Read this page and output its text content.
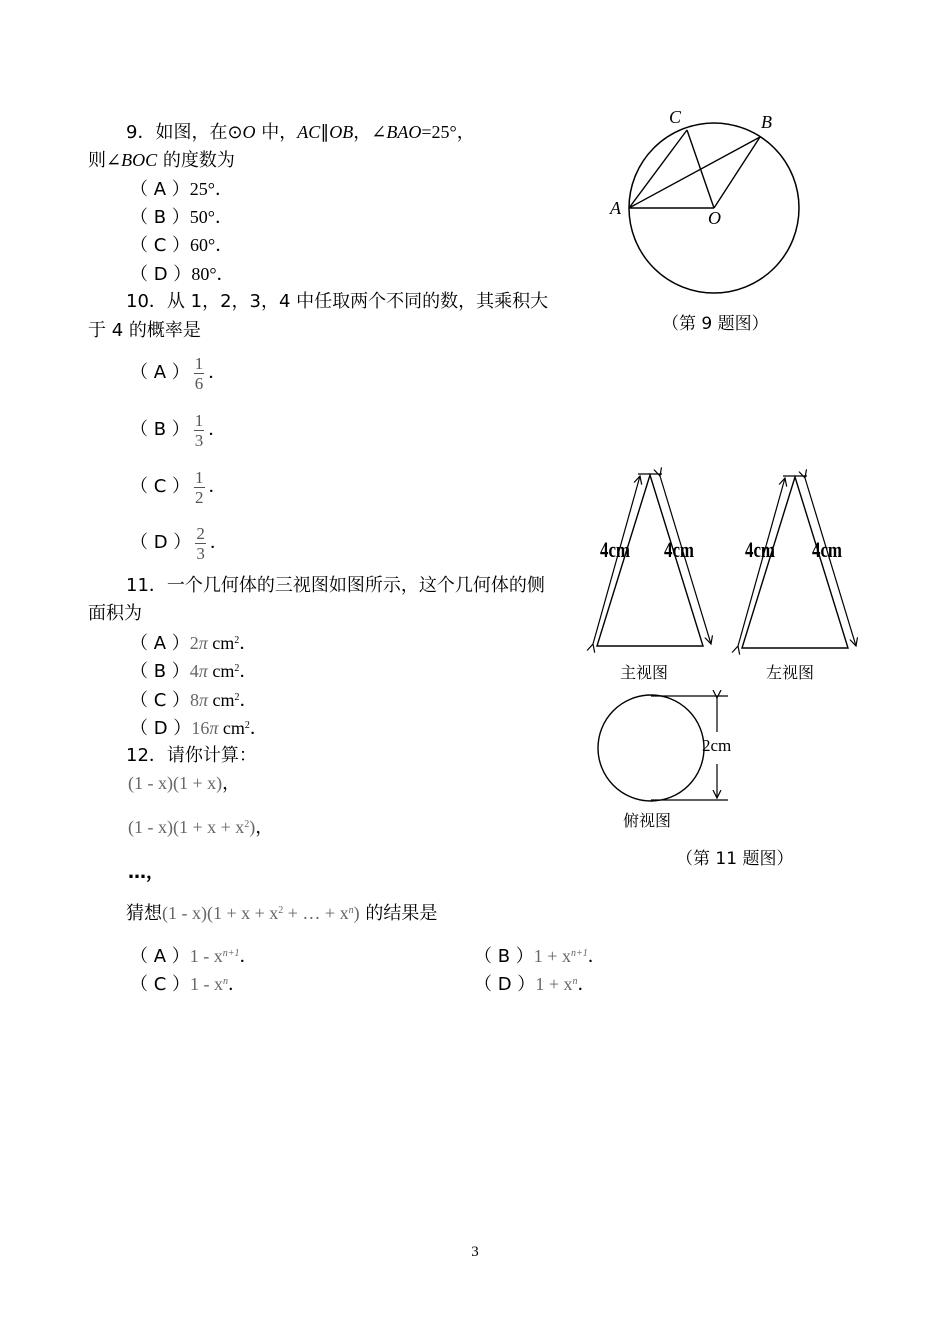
9．如图，在⊙O 中，AC∥OB，∠BAO=25°，
则∠BOC 的度数为
（ A ）25°．
（ B ）50°．
（ C ）60°．
（ D ）80°．
A
C	B
O
（第 9 题图）
10．从 1，2，3，4 中任取两个不同的数，其乘积大
于 4 的概率是
（ A ） $\frac{1}{6}$ ．
（ B ） $\frac{1}{3}$ ．
（ C ） $\frac{1}{2}$ ．
（ D ） $\frac{2}{3}$ ．
11．一个几何体的三视图如图所示，这个几何体的侧
面积为
（ A ）2π $cm^2$．
（ B ）4π $cm^2$．
（ C ）8π $cm^2$．
（ D ）16π $cm^2$．
4cm 4cm 4cm 4cm
2cm
主视图	左视图
俯视图
（第 11 题图）
12．请你计算：
(1 - x)(1 + x)，
$(1 - x)(1 + x + x^2)$，
…，
猜想$(1 - x)(1 + x + x^2$ + … + $x^n$) 的结果是
（ A ）$1 - x^{n+1}$．	（ B ）$1 + x^{n+1}$．
（ C ）$1 - x^n$．	（ D ）$1 + x^n$．
3
